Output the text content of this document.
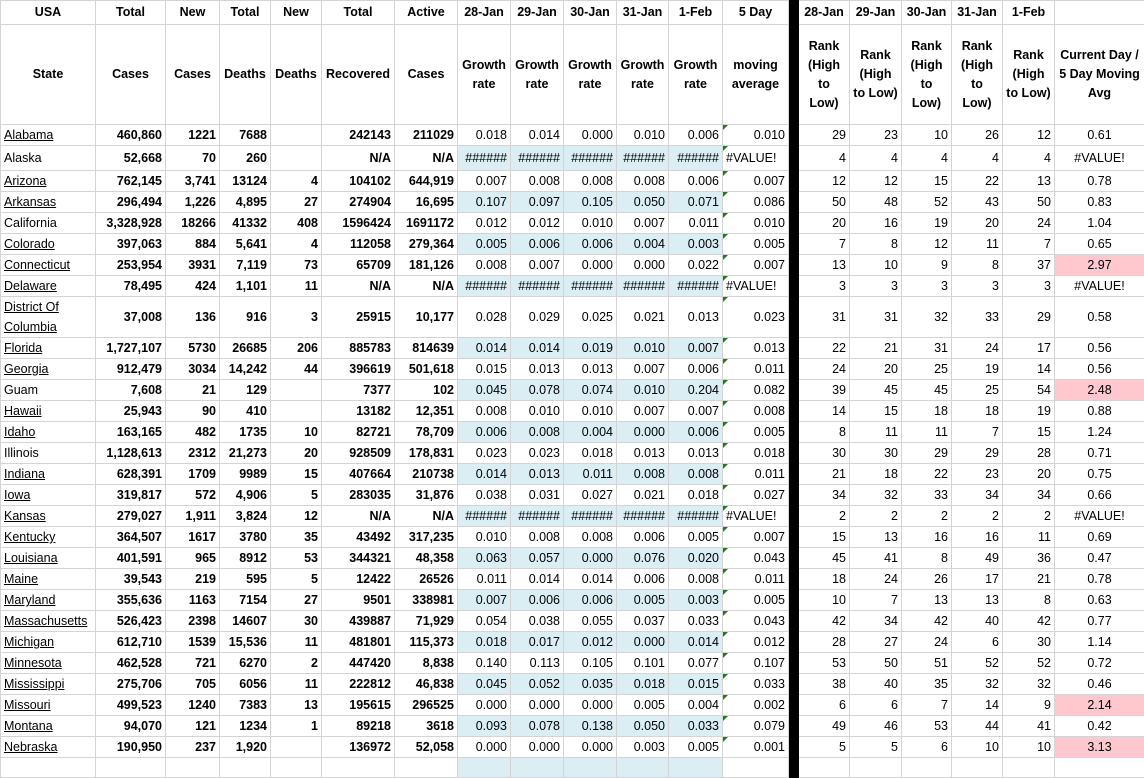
USA	Total	New	Total	New	Total	Active	28-Jan	29-Jan	30-Jan	31-Jan	1-Feb	5 Day		28-Jan	29-Jan	30-Jan	31-Jan	1-Feb	
State	Cases	Cases	Deaths	Deaths	Recovered	Cases	Growth rate	Growth rate	Growth rate	Growth rate	Growth rate	moving average		Rank (High to Low)	Rank (High to Low)	Rank (High to Low)	Rank (High to Low)	Rank (High to Low)	Current Day / 5 Day Moving Avg
Alabama	460,860	1221	7688		242143	211029	0.018	0.014	0.000	0.010	0.006	0.010		29	23	10	26	12	0.61
Alaska	52,668	70	260		N/A	N/A	######	######	######	######	######	#VALUE!		4	4	4	4	4	#VALUE!
Arizona	762,145	3,741	13124	4	104102	644,919	0.007	0.008	0.008	0.008	0.006	0.007		12	12	15	22	13	0.78
Arkansas	296,494	1,226	4,895	27	274904	16,695	0.107	0.097	0.105	0.050	0.071	0.086		50	48	52	43	50	0.83
California	3,328,928	18266	41332	408	1596424	1691172	0.012	0.012	0.010	0.007	0.011	0.010		20	16	19	20	24	1.04
Colorado	397,063	884	5,641	4	112058	279,364	0.005	0.006	0.006	0.004	0.003	0.005		7	8	12	11	7	0.65
Connecticut	253,954	3931	7,119	73	65709	181,126	0.008	0.007	0.000	0.000	0.022	0.007		13	10	9	8	37	2.97
Delaware	78,495	424	1,101	11	N/A	N/A	######	######	######	######	######	#VALUE!		3	3	3	3	3	#VALUE!
District Of Columbia	37,008	136	916	3	25915	10,177	0.028	0.029	0.025	0.021	0.013	0.023		31	31	32	33	29	0.58
Florida	1,727,107	5730	26685	206	885783	814639	0.014	0.014	0.019	0.010	0.007	0.013		22	21	31	24	17	0.56
Georgia	912,479	3034	14,242	44	396619	501,618	0.015	0.013	0.013	0.007	0.006	0.011		24	20	25	19	14	0.56
Guam	7,608	21	129		7377	102	0.045	0.078	0.074	0.010	0.204	0.082		39	45	45	25	54	2.48
Hawaii	25,943	90	410		13182	12,351	0.008	0.010	0.010	0.007	0.007	0.008		14	15	18	18	19	0.88
Idaho	163,165	482	1735	10	82721	78,709	0.006	0.008	0.004	0.000	0.006	0.005		8	11	11	7	15	1.24
Illinois	1,128,613	2312	21,273	20	928509	178,831	0.023	0.023	0.018	0.013	0.013	0.018		30	30	29	29	28	0.71
Indiana	628,391	1709	9989	15	407664	210738	0.014	0.013	0.011	0.008	0.008	0.011		21	18	22	23	20	0.75
Iowa	319,817	572	4,906	5	283035	31,876	0.038	0.031	0.027	0.021	0.018	0.027		34	32	33	34	34	0.66
Kansas	279,027	1,911	3,824	12	N/A	N/A	######	######	######	######	######	#VALUE!		2	2	2	2	2	#VALUE!
Kentucky	364,507	1617	3780	35	43492	317,235	0.010	0.008	0.008	0.006	0.005	0.007		15	13	16	16	11	0.69
Louisiana	401,591	965	8912	53	344321	48,358	0.063	0.057	0.000	0.076	0.020	0.043		45	41	8	49	36	0.47
Maine	39,543	219	595	5	12422	26526	0.011	0.014	0.014	0.006	0.008	0.011		18	24	26	17	21	0.78
Maryland	355,636	1163	7154	27	9501	338981	0.007	0.006	0.006	0.005	0.003	0.005		10	7	13	13	8	0.63
Massachusetts	526,423	2398	14607	30	439887	71,929	0.054	0.038	0.055	0.037	0.033	0.043		42	34	42	40	42	0.77
Michigan	612,710	1539	15,536	11	481801	115,373	0.018	0.017	0.012	0.000	0.014	0.012		28	27	24	6	30	1.14
Minnesota	462,528	721	6270	2	447420	8,838	0.140	0.113	0.105	0.101	0.077	0.107		53	50	51	52	52	0.72
Mississippi	275,706	705	6056	11	222812	46,838	0.045	0.052	0.035	0.018	0.015	0.033		38	40	35	32	32	0.46
Missouri	499,523	1240	7383	13	195615	296525	0.000	0.000	0.000	0.005	0.004	0.002		6	6	7	14	9	2.14
Montana	94,070	121	1234	1	89218	3618	0.093	0.078	0.138	0.050	0.033	0.079		49	46	53	44	41	0.42
Nebraska	190,950	237	1,920		136972	52,058	0.000	0.000	0.000	0.003	0.005	0.001		5	5	6	10	10	3.13
